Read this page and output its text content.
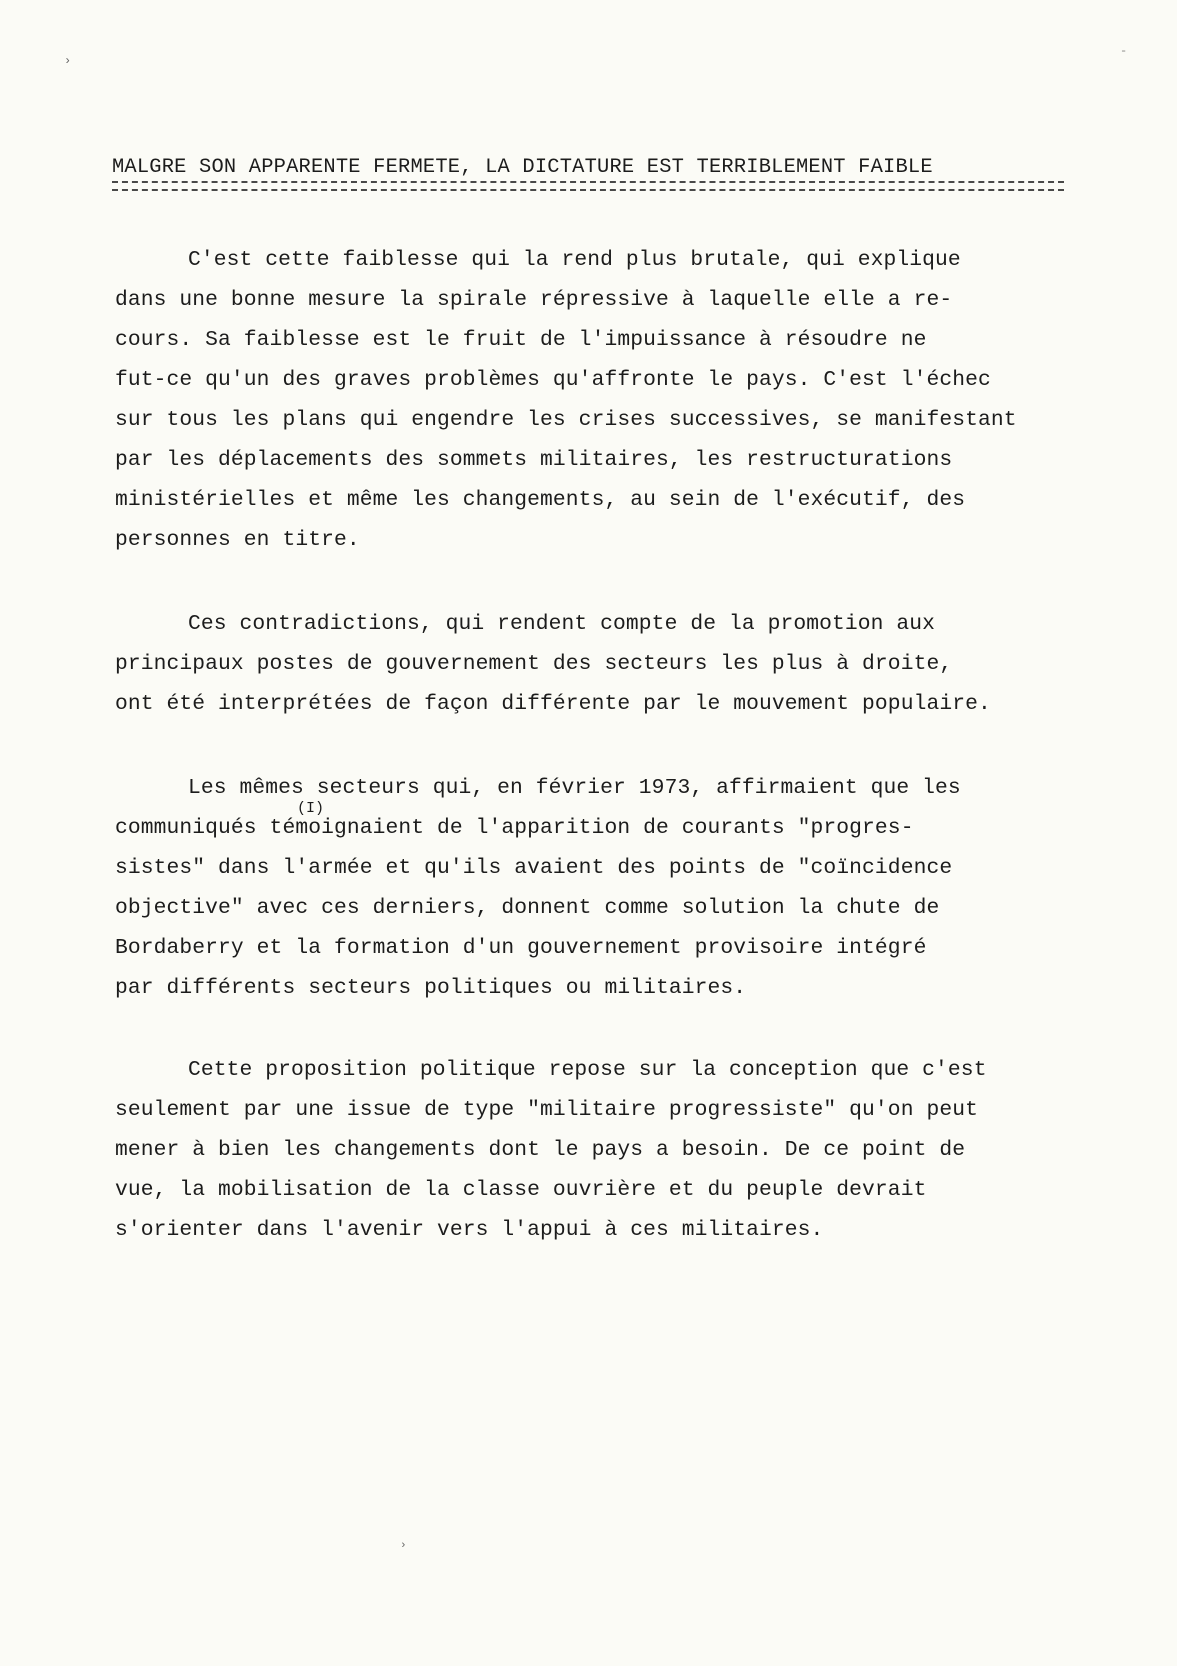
›
-
MALGRE SON APPARENTE FERMETE, LA DICTATURE EST TERRIBLEMENT FAIBLE
C'est cette faiblesse qui la rend plus brutale, qui explique
dans une bonne mesure la spirale répressive à laquelle elle a re-
cours. Sa faiblesse est le fruit de l'impuissance à résoudre ne
fut-ce qu'un des graves problèmes qu'affronte le pays. C'est l'échec
sur tous les plans qui engendre les crises successives, se manifestant
par les déplacements des sommets militaires, les restructurations
ministérielles et même les changements, au sein de l'exécutif, des
personnes en titre.
Ces contradictions, qui rendent compte de la promotion aux
principaux postes de gouvernement des secteurs les plus à droite,
ont été interprétées de façon différente par le mouvement populaire.
Les mêmes secteurs qui, en février 1973, affirmaient que les
communiqués témoignaient de l'apparition de courants "progres-
sistes" dans l'armée et qu'ils avaient des points de "coïncidence
objective" avec ces derniers, donnent comme solution la chute de
Bordaberry et la formation d'un gouvernement provisoire intégré
par différents secteurs politiques ou militaires.
(I)
Cette proposition politique repose sur la conception que c'est
seulement par une issue de type "militaire progressiste" qu'on peut
mener à bien les changements dont le pays a besoin. De ce point de
vue, la mobilisation de la classe ouvrière et du peuple devrait
s'orienter dans l'avenir vers l'appui à ces militaires.
›
